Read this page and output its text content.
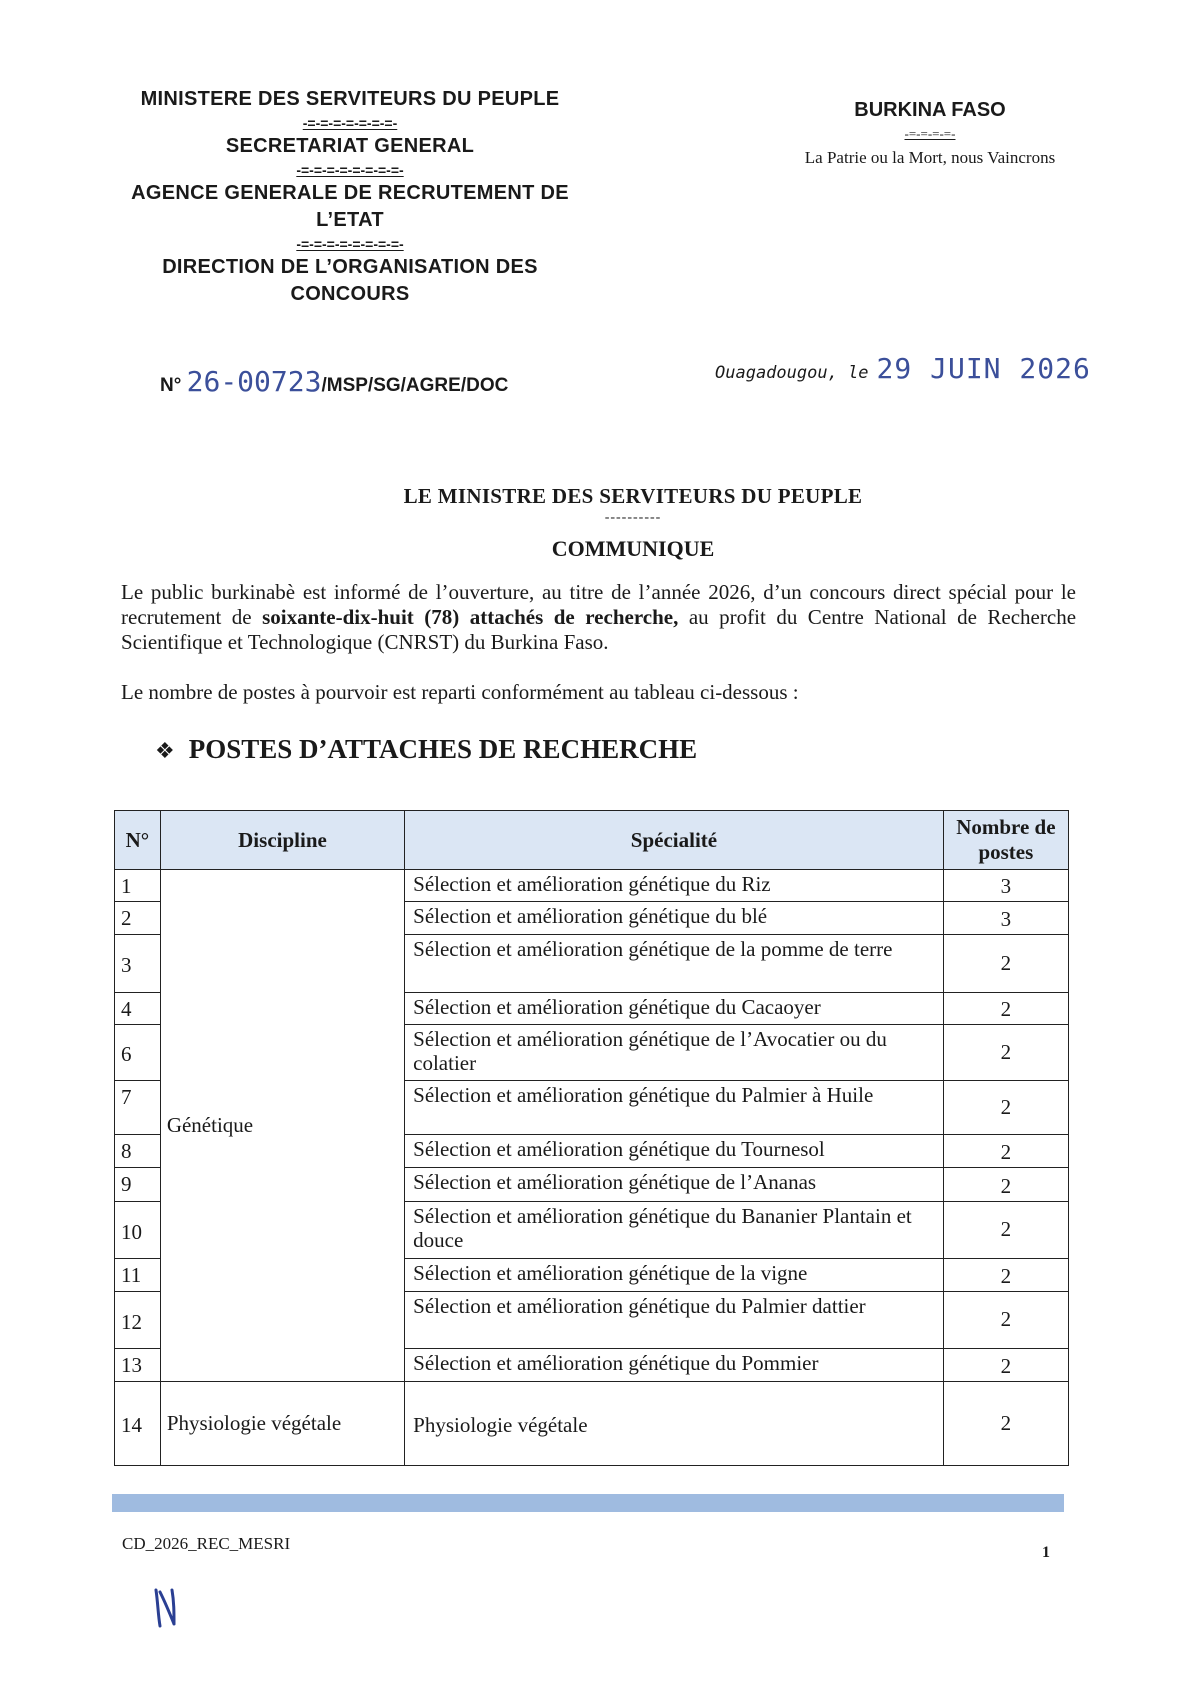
MINISTERE DES SERVITEURS DU PEUPLE
-=-=-=-=-=-=-=-
SECRETARIAT GENERAL
-=-=-=-=-=-=-=-=-
AGENCE GENERALE DE RECRUTEMENT DE
L’ETAT
-=-=-=-=-=-=-=-=-
DIRECTION DE L’ORGANISATION DES
CONCOURS
N° 26-00723/MSP/SG/AGRE/DOC
BURKINA FASO
-=-=-=-=-
La Patrie ou la Mort, nous Vaincrons
Ouagadougou, le 29 JUIN 2026
LE MINISTRE DES SERVITEURS DU PEUPLE
----------
COMMUNIQUE
Le public burkinabè est informé de l’ouverture, au titre de l’année 2026, d’un concours direct spécial pour le recrutement de soixante-dix-huit (78) attachés de recherche, au profit du Centre National de Recherche Scientifique et Technologique (CNRST) du Burkina Faso.
Le nombre de postes à pourvoir est reparti conformément au tableau ci-dessous :
❖ POSTES D’ATTACHES DE RECHERCHE
N°	Discipline	Spécialité	Nombre de postes
1	Génétique	Sélection et amélioration génétique du Riz	3
2		Sélection et amélioration génétique du blé	3
3		Sélection et amélioration génétique de la pomme de terre	2
4		Sélection et amélioration génétique du Cacaoyer	2
6		Sélection et amélioration génétique de l’Avocatier ou du colatier	2
7		Sélection et amélioration génétique du Palmier à Huile	2
8		Sélection et amélioration génétique du Tournesol	2
9		Sélection et amélioration génétique de l’Ananas	2
10		Sélection et amélioration génétique du Bananier Plantain et douce	2
11		Sélection et amélioration génétique de la vigne	2
12		Sélection et amélioration génétique du Palmier dattier	2
13		Sélection et amélioration génétique du Pommier	2
14	Physiologie végétale	Physiologie végétale	2
CD_2026_REC_MESRI	1
